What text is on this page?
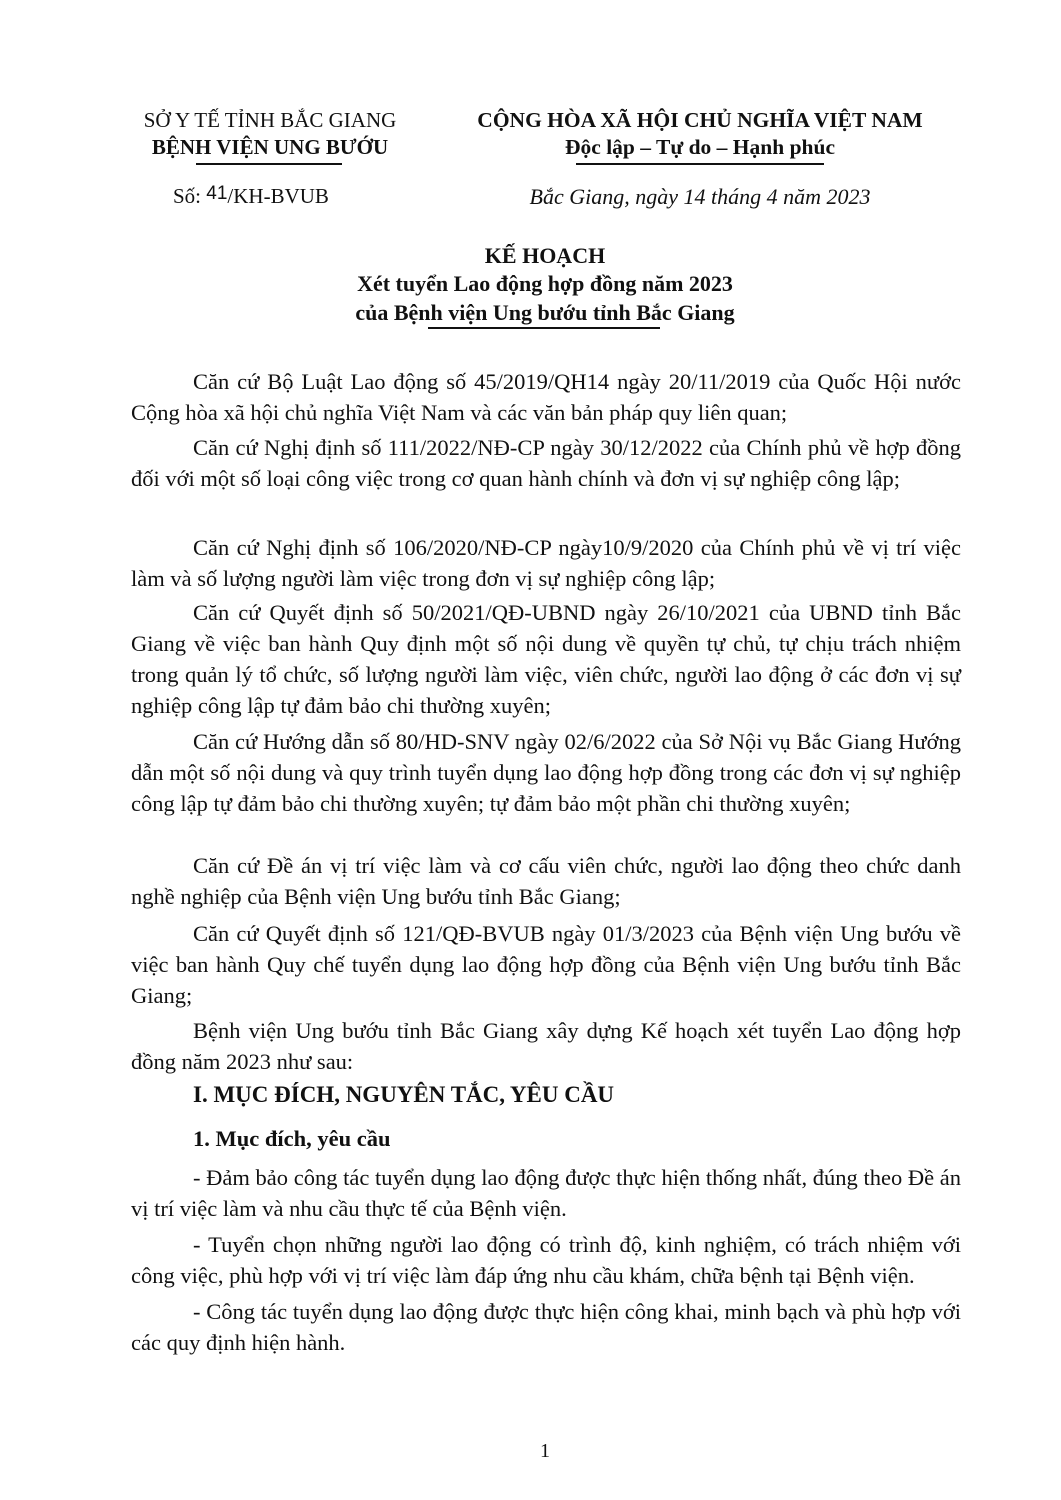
SỞ Y TẾ TỈNH BẮC GIANG
BỆNH VIỆN UNG BƯỚU
Số: 41/KH-BVUB
CỘNG HÒA XÃ HỘI CHỦ NGHĨA VIỆT NAM
Độc lập – Tự do – Hạnh phúc
Bắc Giang, ngày 14 tháng 4 năm 2023
KẾ HOẠCH
Xét tuyển Lao động hợp đồng năm 2023
của Bệnh viện Ung bướu tỉnh Bắc Giang
Căn cứ Bộ Luật Lao động số 45/2019/QH14 ngày 20/11/2019 của Quốc Hội nước Cộng hòa xã hội chủ nghĩa Việt Nam và các văn bản pháp quy liên quan;
Căn cứ Nghị định số 111/2022/NĐ-CP ngày 30/12/2022 của Chính phủ về hợp đồng đối với một số loại công việc trong cơ quan hành chính và đơn vị sự nghiệp công lập;
Căn cứ Nghị định số 106/2020/NĐ-CP ngày10/9/2020 của Chính phủ về vị trí việc làm và số lượng người làm việc trong đơn vị sự nghiệp công lập;
Căn cứ Quyết định số 50/2021/QĐ-UBND ngày 26/10/2021 của UBND tỉnh Bắc Giang về việc ban hành Quy định một số nội dung về quyền tự chủ, tự chịu trách nhiệm trong quản lý tổ chức, số lượng người làm việc, viên chức, người lao động ở các đơn vị sự nghiệp công lập tự đảm bảo chi thường xuyên;
Căn cứ Hướng dẫn số 80/HD-SNV ngày 02/6/2022 của Sở Nội vụ Bắc Giang Hướng dẫn một số nội dung và quy trình tuyển dụng lao động hợp đồng trong các đơn vị sự nghiệp công lập tự đảm bảo chi thường xuyên; tự đảm bảo một phần chi thường xuyên;
Căn cứ Đề án vị trí việc làm và cơ cấu viên chức, người lao động theo chức danh nghề nghiệp của Bệnh viện Ung bướu tỉnh Bắc Giang;
Căn cứ Quyết định số 121/QĐ-BVUB ngày 01/3/2023 của Bệnh viện Ung bướu về việc ban hành Quy chế tuyển dụng lao động hợp đồng của Bệnh viện Ung bướu tỉnh Bắc Giang;
Bệnh viện Ung bướu tỉnh Bắc Giang xây dựng Kế hoạch xét tuyển Lao động hợp đồng năm 2023 như sau:
I. MỤC ĐÍCH, NGUYÊN TẮC, YÊU CẦU
1. Mục đích, yêu cầu
- Đảm bảo công tác tuyển dụng lao động được thực hiện thống nhất, đúng theo Đề án vị trí việc làm và nhu cầu thực tế của Bệnh viện.
- Tuyển chọn những người lao động có trình độ, kinh nghiệm, có trách nhiệm với công việc, phù hợp với vị trí việc làm đáp ứng nhu cầu khám, chữa bệnh tại Bệnh viện.
- Công tác tuyển dụng lao động được thực hiện công khai, minh bạch và phù hợp với các quy định hiện hành.
1
